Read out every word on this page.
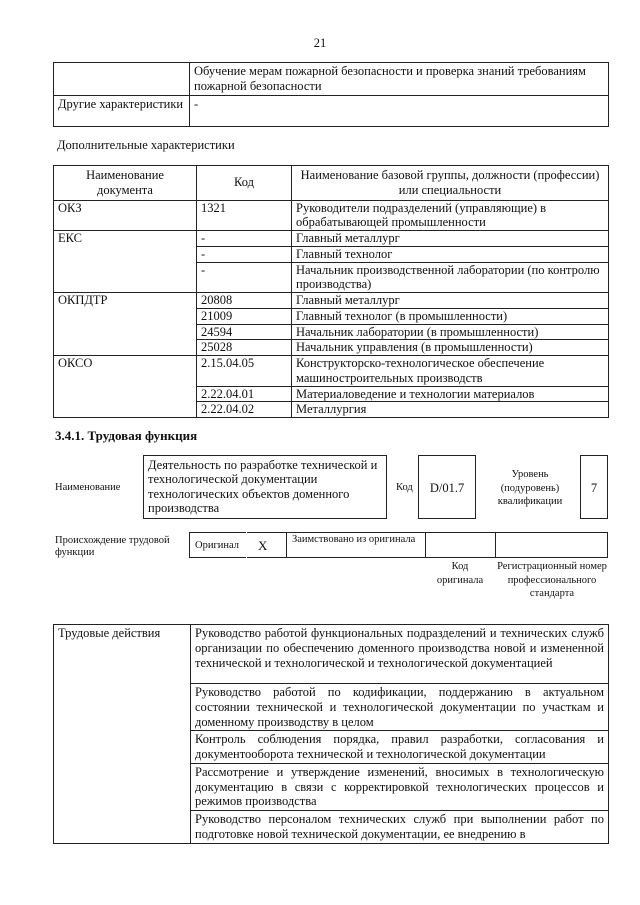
21
	Обучение мерам пожарной безопасности и проверка знаний требованиям пожарной безопасности
Другие характеристики	-
Дополнительные характеристики
Наименование документа	Код	Наименование базовой группы, должности (профессии) или специальности
ОКЗ	1321	Руководители подразделений (управляющие) в обрабатывающей промышленности
ЕКС	-	Главный металлург
	-	Главный технолог
	-	Начальник производственной лаборатории (по контролю производства)
ОКПДТР	20808	Главный металлург
	21009	Главный технолог (в промышленности)
	24594	Начальник лаборатории (в промышленности)
	25028	Начальник управления (в промышленности)
ОКСО	2.15.04.05	Конструкторско-технологическое обеспечение машиностроительных производств
	2.22.04.01	Материаловедение и технологии материалов
	2.22.04.02	Металлургия
3.4.1. Трудовая функция
Наименование
Деятельность по разработке технической и технологической документации технологических объектов доменного производства
Код	D/01.7
Уровень (подуровень) квалификации
7
Происхождение трудовой функции
Оригинал X Заимствовано из оригинала
Код оригинала
Регистрационный номер профессионального стандарта
Трудовые действия	Руководство работой функциональных подразделений и технических служб организации по обеспечению доменного производства новой и измененной технической и технологической и технологической документацией
Руководство работой по кодификации, поддержанию в актуальном состоянии технической и технологической документации по участкам и доменному производству в целом
Контроль соблюдения порядка, правил разработки, согласования и документооборота технической и технологической документации
Рассмотрение и утверждение изменений, вносимых в технологическую документацию в связи с корректировкой технологических процессов и режимов производства
Руководство персоналом технических служб при выполнении работ по подготовке новой технической документации, ее внедрению в
